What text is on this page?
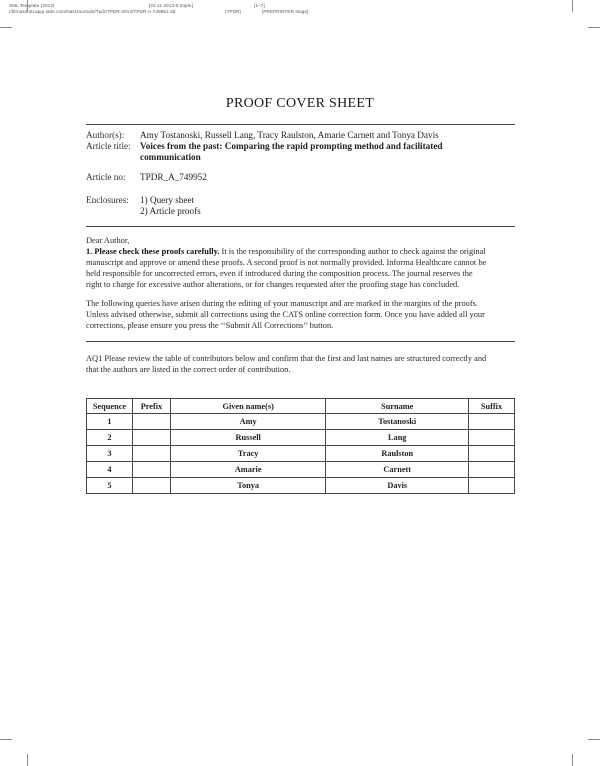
XML Template (2013)	[23.11.2013-6:34pm]	[1–7]
//blrnas3.stcapgi.tads.com/Nas/Journals/Tpdr/TPDR-2013/TPDR-A-749952.3d	(TPDR)	[PREPRINTER stage]
PROOF COVER SHEET
Author(s):	Amy Tostanoski, Russell Lang, Tracy Raulston, Amarie Carnett and Tonya Davis
Article title:	Voices from the past: Comparing the rapid prompting method and facilitated
communication
Article no:	TPDR_A_749952
Enclosures:	1) Query sheet
2) Article proofs
Dear Author,
1. Please check these proofs carefully. It is the responsibility of the corresponding author to check against the original
manuscript and approve or amend these proofs. A second proof is not normally provided. Informa Healthcare cannot be
held responsible for uncorrected errors, even if introduced during the composition process. The journal reserves the
right to charge for excessive author alterations, or for changes requested after the proofing stage has concluded.
The following queries have arisen during the editing of your manuscript and are marked in the margins of the proofs.
Unless advised otherwise, submit all corrections using the CATS online correction form. Once you have added all your
corrections, please ensure you press the ‘‘Submit All Corrections’’ button.
AQ1 Please review the table of contributors below and confirm that the first and last names are structured correctly and
that the authors are listed in the correct order of contribution.
Sequence	Prefix	Given name(s)	Surname	Suffix
1		Amy	Tostanoski	
2		Russell	Lang	
3		Tracy	Raulston	
4		Amarie	Carnett	
5		Tonya	Davis	
